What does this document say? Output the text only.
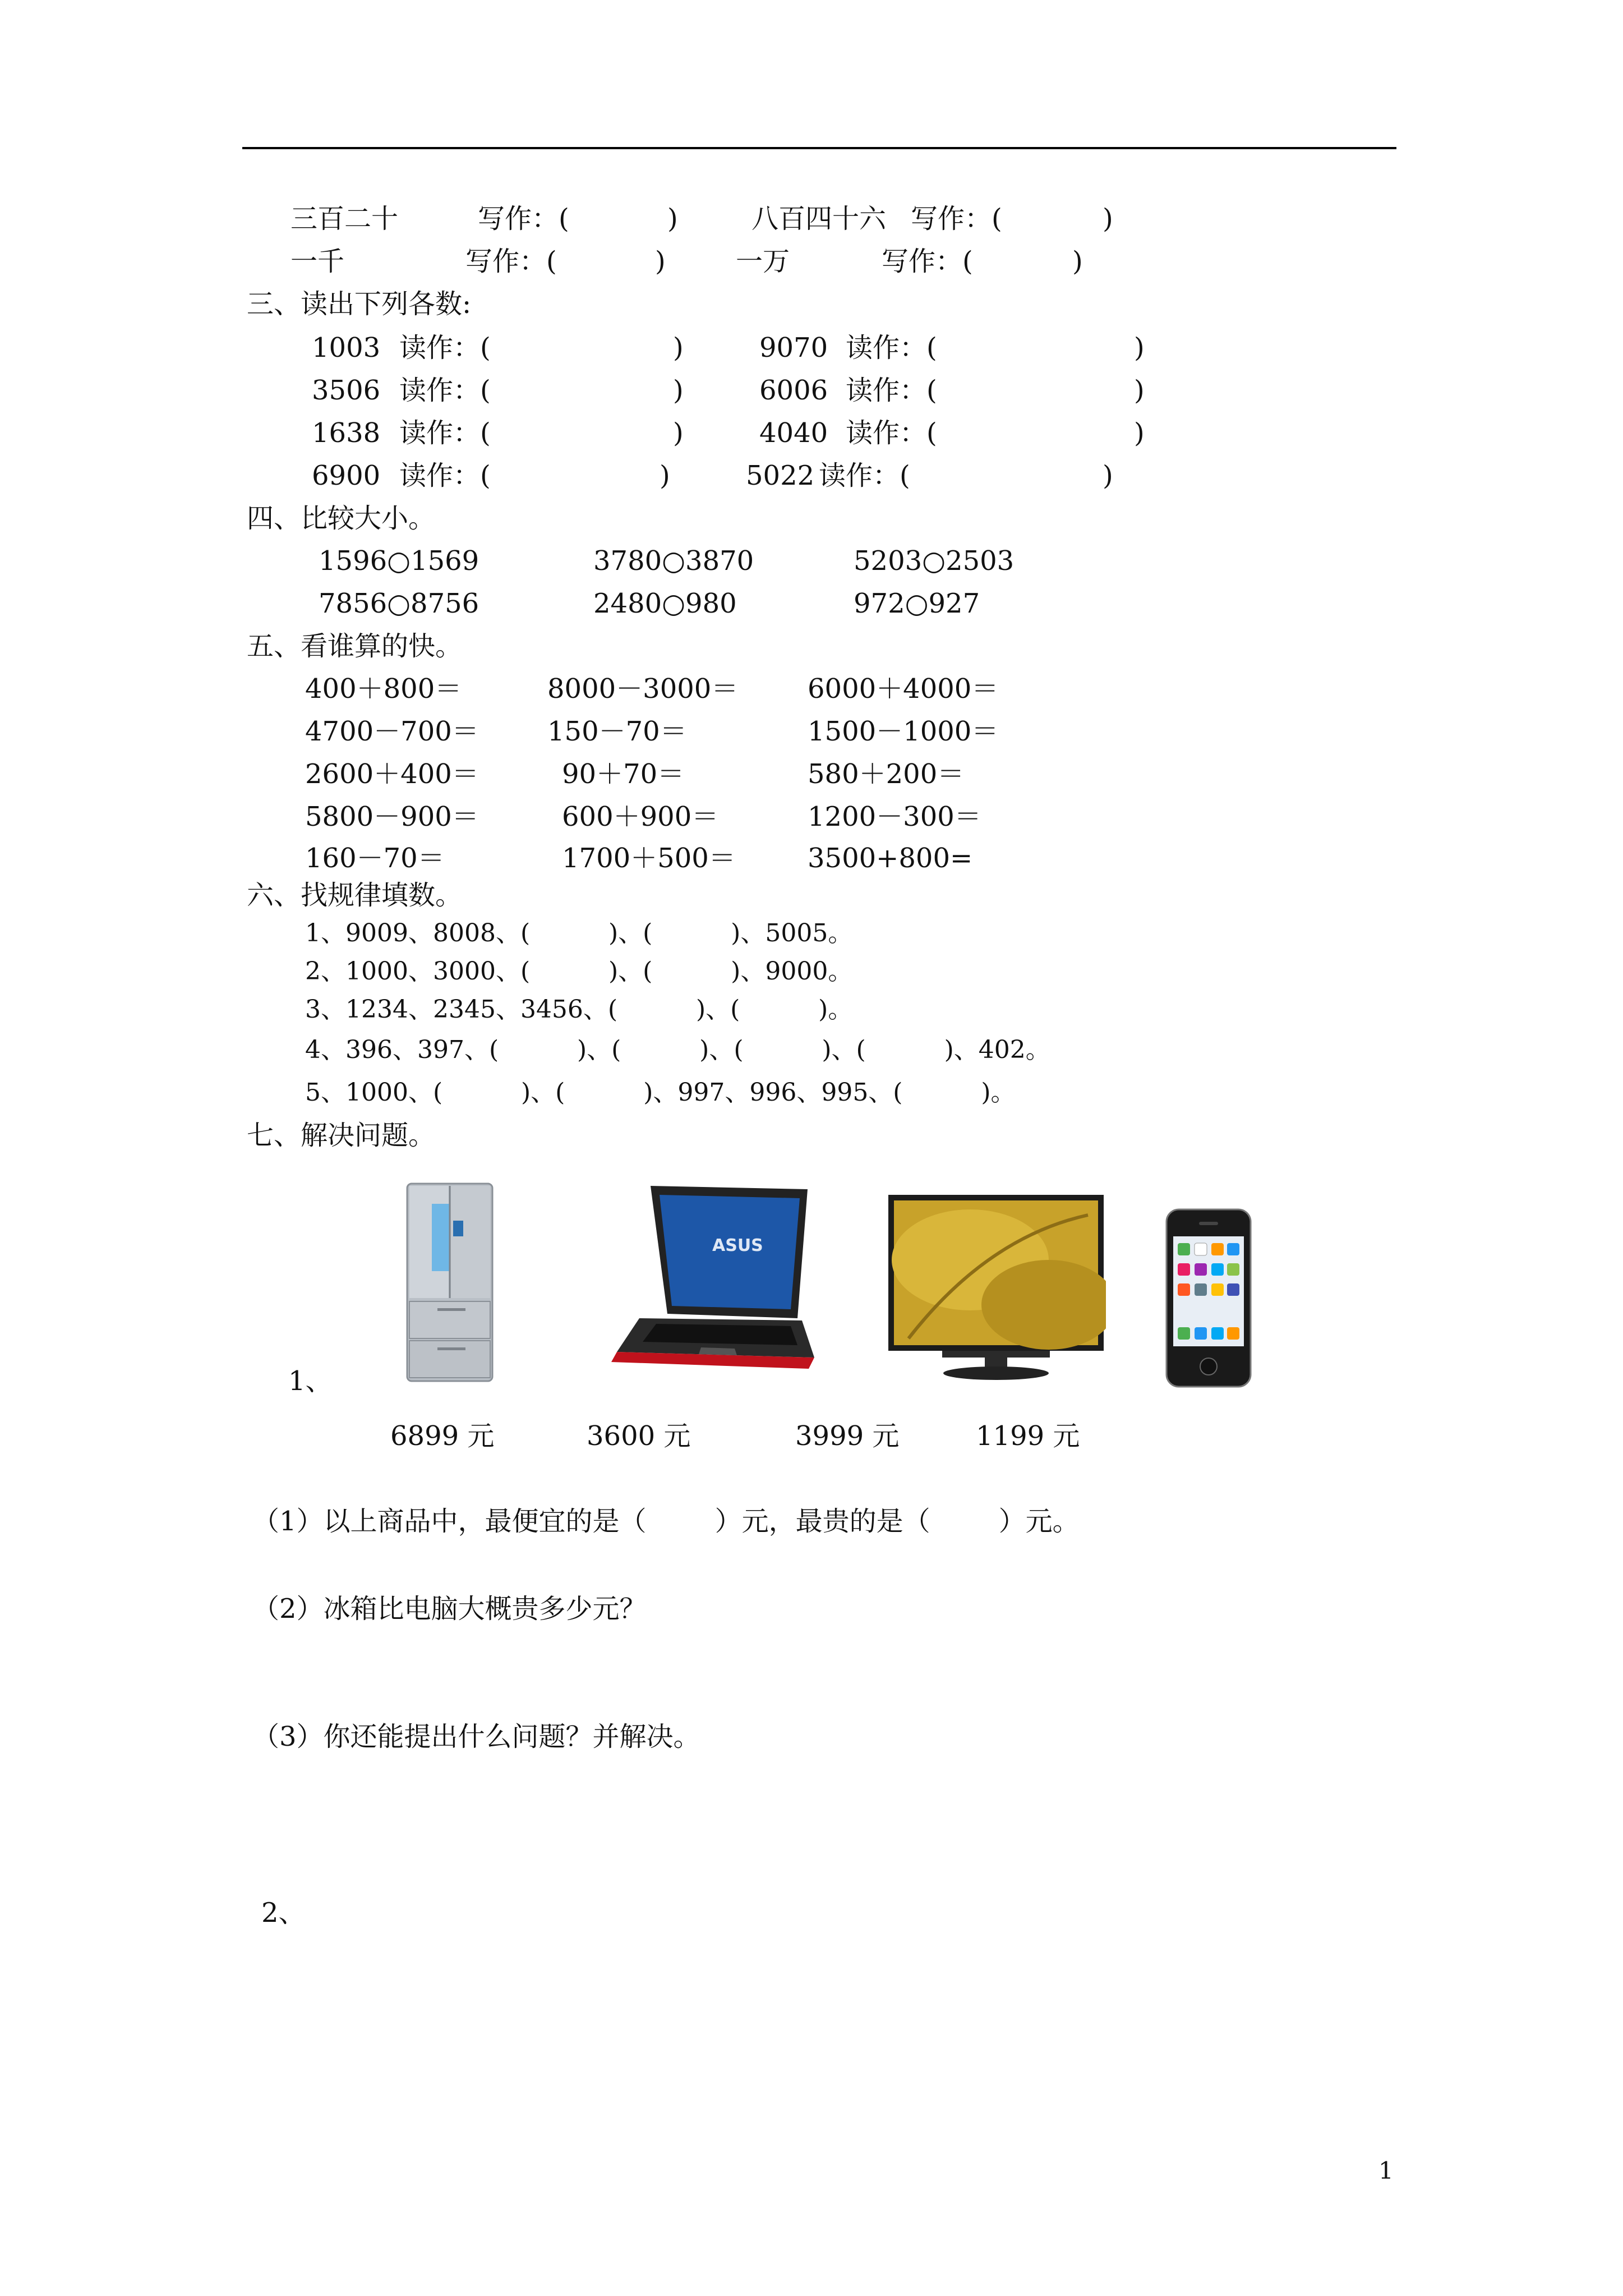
三百二十	写作：(	)	八百四十六 写作：(	)
一千	写作：(	)	一万	写作：(	)
三、读出下列各数:
1003 读作：(	)	9070 读作：(	)
3506 读作：(	)	6006 读作：(	)
1638 读作：(	)	4040 读作：(	)
6900 读作：(	)	5022 读作：(	)
四、比较大小。
1596○1569	3780○3870	5203○2503
7856○8756	2480○980	972○927
五、看谁算的快。
400＋800＝	8000－3000＝	6000＋4000＝
4700－700＝	150－70＝	1500－1000＝
2600＋400＝	90＋70＝	580＋200＝
5800－900＝	600＋900＝	1200－300＝
160－70＝	1700＋500＝	3500+800=
六、找规律填数。
1、9009、8008、(          )、(          )、5005。
2、1000、3000、(          )、(          )、9000。
3、1234、2345、3456、(          )、(          )。
4、396、397、(          )、(          )、(          )、(          )、402。
5、1000、(          )、(          )、997、996、995、(          )。
七、解决问题。
ASUS
1、
6899 元	3600 元	3999 元	1199 元
（1）以上商品中，最便宜的是（        ）元，最贵的是（        ）元。
（2）冰箱比电脑大概贵多少元？
（3）你还能提出什么问题？并解决。
2、
1
